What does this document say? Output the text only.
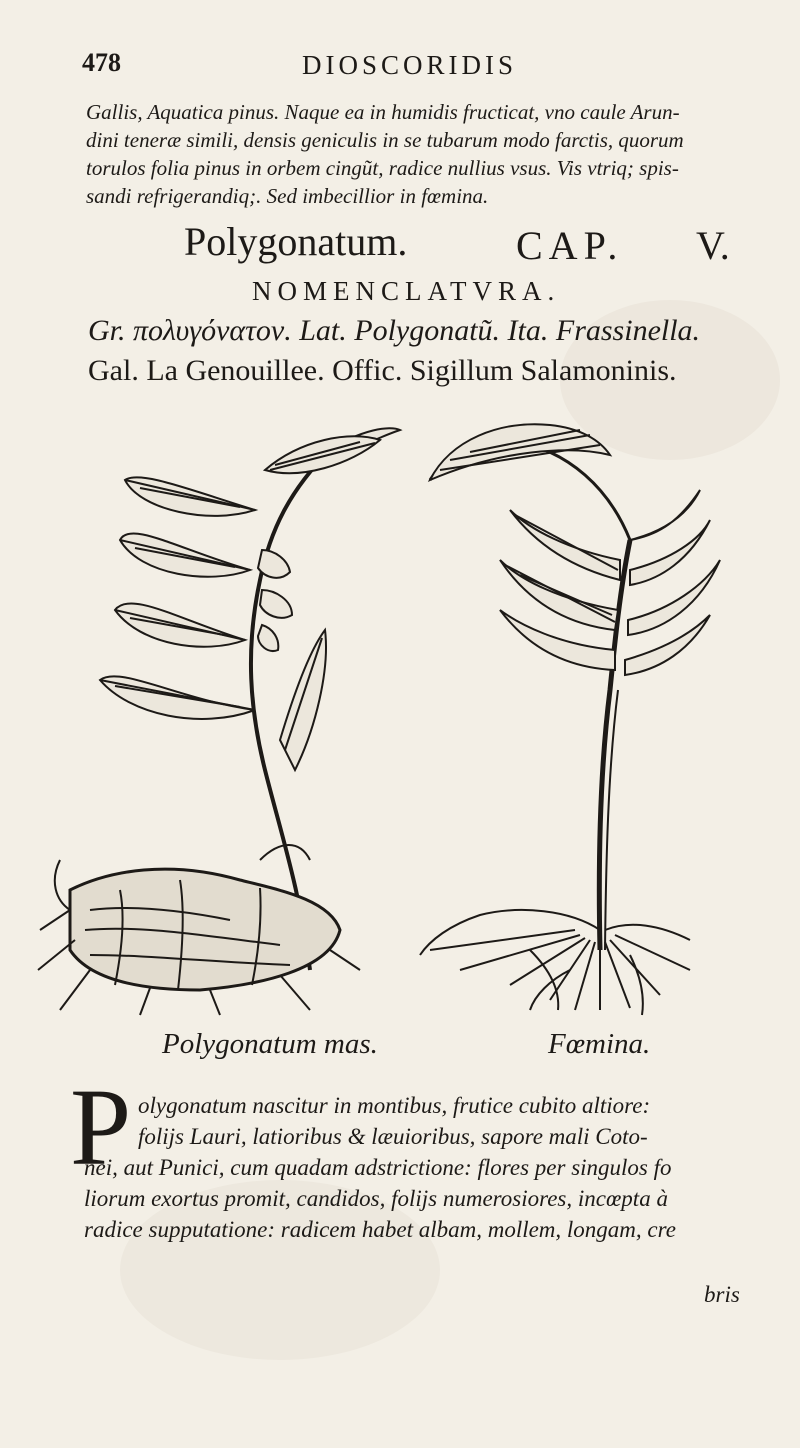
478	DIOSCORIDIS

Gallis, Aquatica pinus. Naque ea in humidis fructicat, vno caule Arun-

dini teneræ simili, densis geniculis in se tubarum modo farctis, quorum

torulos folia pinus in orbem cingũt, radice nullius vsus. Vis vtriq; spis-

sandi refrigerandiq;. Sed imbecillior in fœmina.

Polygonatum.	CAP. V.
NOMENCLATVRA.
Gr. πολυγόνατον. Lat. Polygonatũ. Ita. Frassinella.
Gal. La Genouillee. Offic. Sigillum Salamoninis.
Polygonatum mas.	Fœmina.
P olygonatum nascitur in montibus, frutice cubito altiore:

folijs Lauri, latioribus & læuioribus, sapore mali Coto-

nei, aut Punici, cum quadam adstrictione: flores per singulos fo

liorum exortus promit, candidos, folijs numerosiores, incœpta à

radice supputatione: radicem habet albam, mollem, longam, cre

bris
